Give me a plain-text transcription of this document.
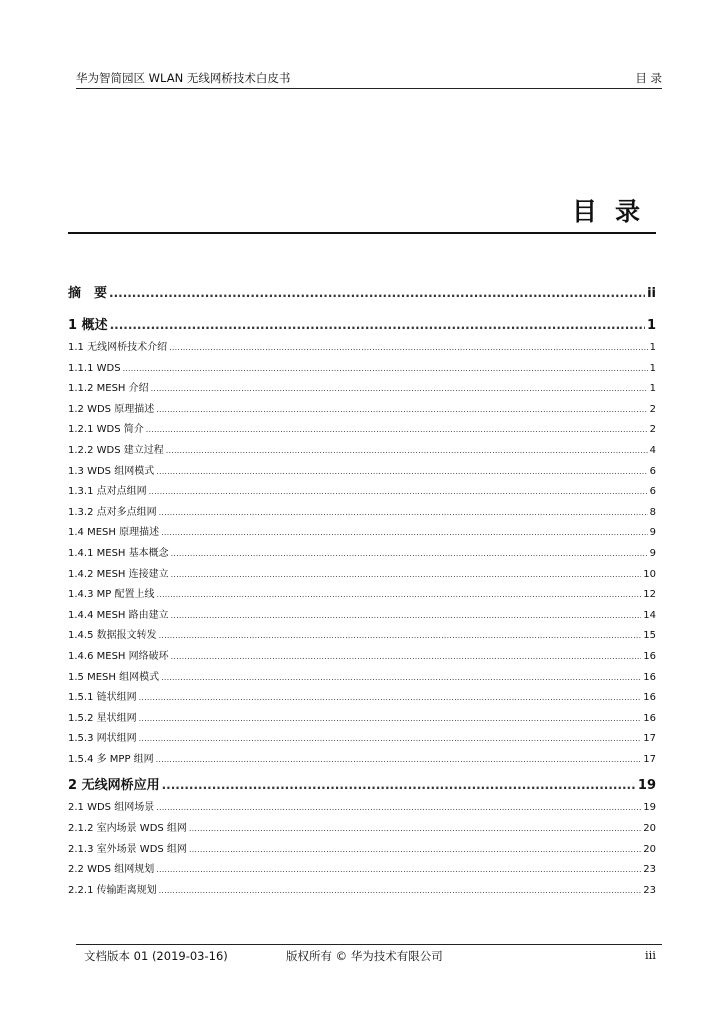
华为智简园区 WLAN 无线网桥技术白皮书	目 录
目录
摘　要 .....	ii
1 概述 .....	1
1.1 无线网桥技术介绍 .....	1
1.1.1 WDS .....	1
1.1.2 MESH 介绍 .....	1
1.2 WDS 原理描述 .....	2
1.2.1 WDS 简介 .....	2
1.2.2 WDS 建立过程 .....	4
1.3 WDS 组网模式 .....	6
1.3.1 点对点组网 .....	6
1.3.2 点对多点组网 .....	8
1.4 MESH 原理描述 .....	9
1.4.1 MESH 基本概念 .....	9
1.4.2 MESH 连接建立 .....	10
1.4.3 MP 配置上线 .....	12
1.4.4 MESH 路由建立 .....	14
1.4.5 数据报文转发 .....	15
1.4.6 MESH 网络破环 .....	16
1.5 MESH 组网模式 .....	16
1.5.1 链状组网 .....	16
1.5.2 星状组网 .....	16
1.5.3 网状组网 .....	17
1.5.4 多 MPP 组网 .....	17
2 无线网桥应用 .....	19
2.1 WDS 组网场景 .....	19
2.1.2 室内场景 WDS 组网 .....	20
2.1.3 室外场景 WDS 组网 .....	20
2.2 WDS 组网规划 .....	23
2.2.1 传输距离规划 .....	23
文档版本 01 (2019-03-16)	版权所有 © 华为技术有限公司	iii
